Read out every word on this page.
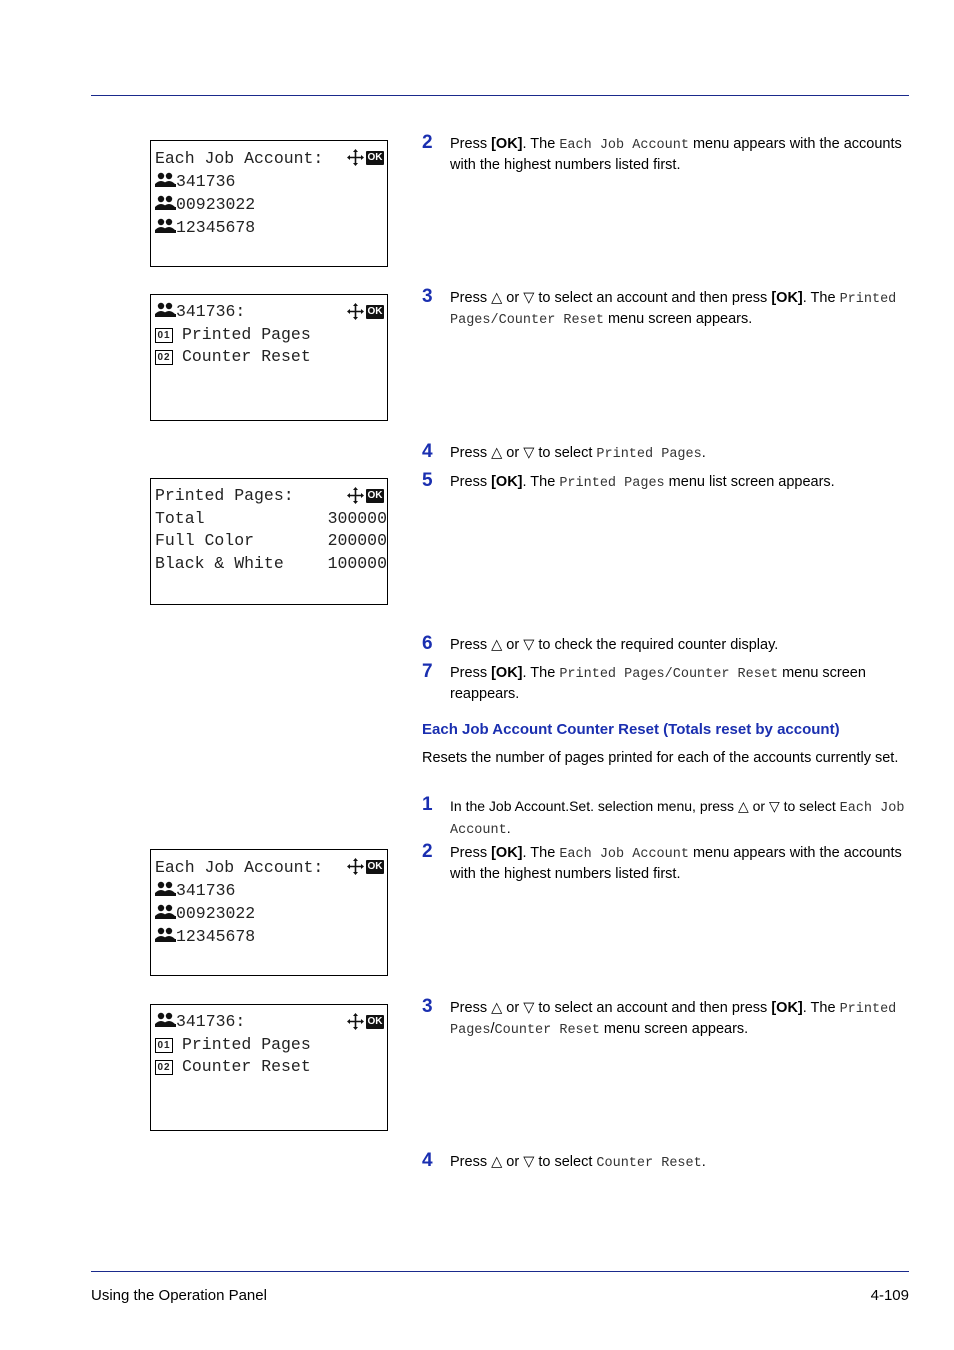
OK
Each Job Account:
341736
00923022
12345678
OK
341736:
01 Printed Pages
02 Counter Reset
OK
Printed Pages:
Total	300000
Full Color	200000
Black & White	100000
OK
Each Job Account:
341736
00923022
12345678
OK
341736:
01 Printed Pages
02 Counter Reset
2 Press [OK]. The Each Job Account menu appears with the accounts with the highest numbers listed first.
3 Press △ or ▽ to select an account and then press [OK]. The Printed Pages/Counter Reset menu screen appears.
4 Press △ or ▽ to select Printed Pages.
5 Press [OK]. The Printed Pages menu list screen appears.
6 Press △ or ▽ to check the required counter display.
7 Press [OK]. The Printed Pages/Counter Reset menu screen reappears.
Each Job Account Counter Reset (Totals reset by account)
Resets the number of pages printed for each of the accounts currently set.
1 In the Job Account.Set. selection menu, press △ or ▽ to select Each Job Account.
2 Press [OK]. The Each Job Account menu appears with the accounts with the highest numbers listed first.
3 Press △ or ▽ to select an account and then press [OK]. The Printed Pages/Counter Reset menu screen appears.
4 Press △ or ▽ to select Counter Reset.
Using the Operation Panel	4-109
